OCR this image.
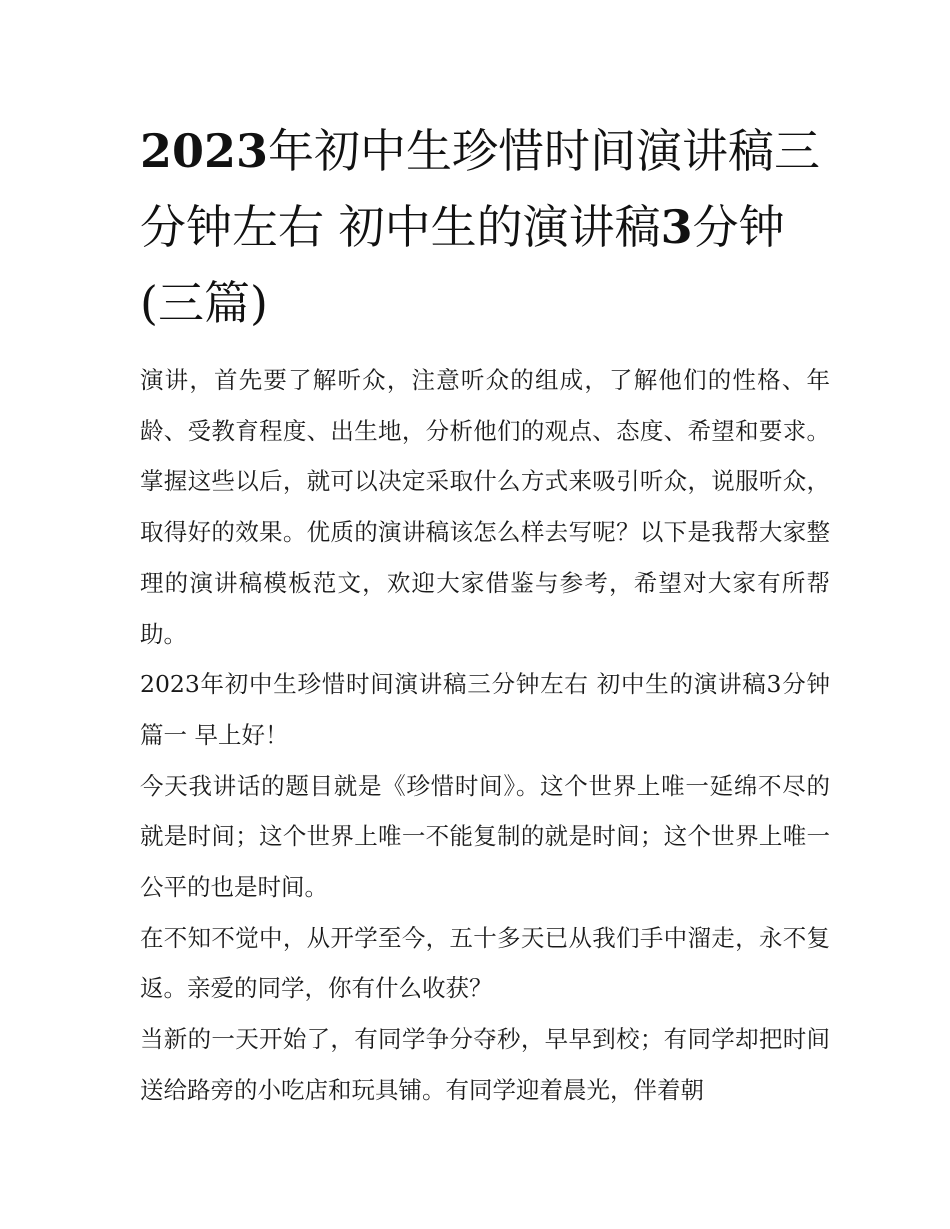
2023年初中生珍惜时间演讲稿三分钟左右 初中生的演讲稿3分钟(三篇)

演讲，首先要了解听众，注意听众的组成，了解他们的性格、年龄、受教育程度、出生地，分析他们的观点、态度、希望和要求。掌握这些以后，就可以决定采取什么方式来吸引听众，说服听众，取得好的效果。优质的演讲稿该怎么样去写呢？以下是我帮大家整理的演讲稿模板范文，欢迎大家借鉴与参考，希望对大家有所帮助。

2023年初中生珍惜时间演讲稿三分钟左右 初中生的演讲稿3分钟篇一 早上好！

今天我讲话的题目就是《珍惜时间》。这个世界上唯一延绵不尽的就是时间；这个世界上唯一不能复制的就是时间；这个世界上唯一公平的也是时间。

在不知不觉中，从开学至今，五十多天已从我们手中溜走，永不复返。亲爱的同学，你有什么收获？

当新的一天开始了，有同学争分夺秒，早早到校；有同学却把时间送给路旁的小吃店和玩具铺。有同学迎着晨光，伴着朝
